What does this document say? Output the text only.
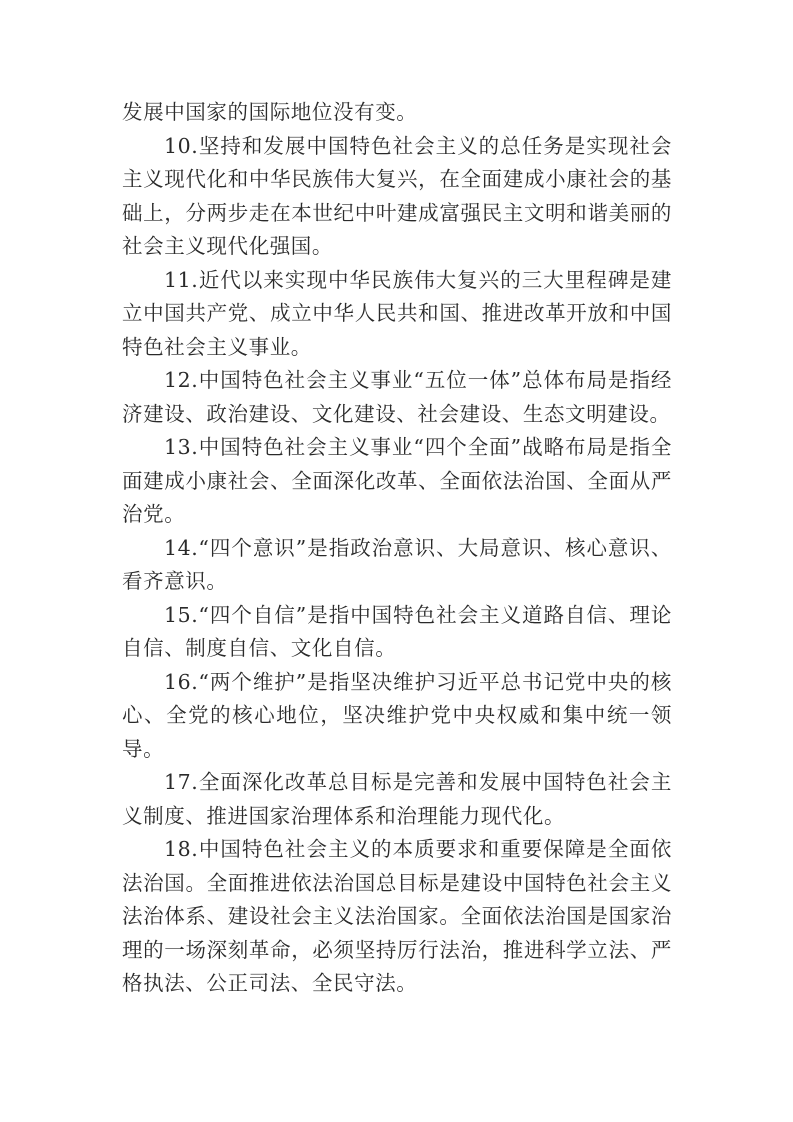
发展中国家的国际地位没有变。

10.坚持和发展中国特色社会主义的总任务是实现社会主义现代化和中华民族伟大复兴，在全面建成小康社会的基础上，分两步走在本世纪中叶建成富强民主文明和谐美丽的社会主义现代化强国。

11.近代以来实现中华民族伟大复兴的三大里程碑是建立中国共产党、成立中华人民共和国、推进改革开放和中国特色社会主义事业。

12.中国特色社会主义事业“五位一体”总体布局是指经济建设、政治建设、文化建设、社会建设、生态文明建设。

13.中国特色社会主义事业“四个全面”战略布局是指全面建成小康社会、全面深化改革、全面依法治国、全面从严治党。

14.“四个意识”是指政治意识、大局意识、核心意识、看齐意识。

15.“四个自信”是指中国特色社会主义道路自信、理论自信、制度自信、文化自信。

16.“两个维护”是指坚决维护习近平总书记党中央的核心、全党的核心地位，坚决维护党中央权威和集中统一领导。

17.全面深化改革总目标是完善和发展中国特色社会主义制度、推进国家治理体系和治理能力现代化。

18.中国特色社会主义的本质要求和重要保障是全面依法治国。全面推进依法治国总目标是建设中国特色社会主义法治体系、建设社会主义法治国家。全面依法治国是国家治理的一场深刻革命，必须坚持厉行法治，推进科学立法、严格执法、公正司法、全民守法。
